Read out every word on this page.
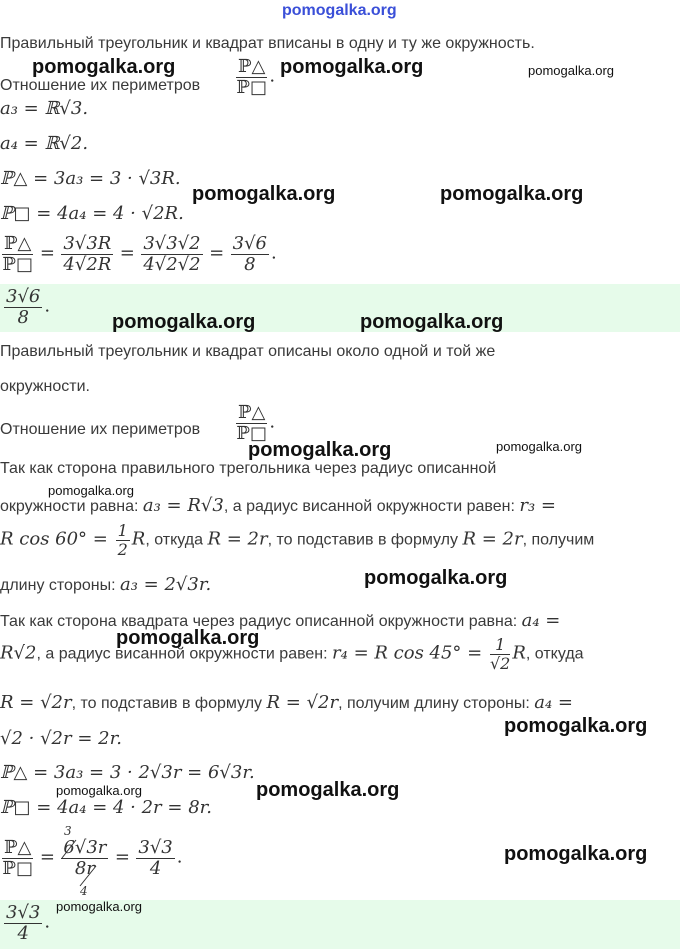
pomogalka.org
Правильный треугольник и квадрат вписаны в одну и ту же окружность.
Отношение их периметров $\frac{\text{ℙ△}}{\text{ℙ□}}$ .
a₃ = ℝ√3.
a₄ = ℝ√2.
ℙ△ = 3a₃ = 3 · √3R.
ℙ□ = 4a₄ = 4 · √2R.
$\frac{\text{ℙ△}}{\text{ℙ□}} = \frac{3√3R}{4√2R} = \frac{3√3√2}{4√2√2} = \frac{3√6}{8}$ .
$\frac{3√6}{8}$ .
Правильный треугольник и квадрат описаны около одной и той же
окружности.
Отношение их периметров $\frac{\text{ℙ△}}{\text{ℙ□}}$ .
Так как сторона правильного трегольника через радиус описанной
окружности равна: a₃ = R√3, а радиус висанной окружности равен: r₃ =
R $\cos 60^\circ = \frac{1}{2} R$, откуда R = 2r, то подставив в формулу R = 2r, получим
длину стороны: a₃ = 2√3r.
Так как сторона квадрата через радиус описанной окружности равна: a₄ =
R√2, а радиус висанной окружности равен: r₄ = R $\cos 45^\circ = \frac{1}{√2} R$, откуда
R = √2r, то подставив в формулу R = √2r, получим длину стороны: a₄ =
√2 · √2r = 2r.
ℙ△ = 3a₃ = 3 · 2√3r = 6√3r.
ℙ□ = 4a₄ = 4 · 2r = 8r.
$\frac{\text{ℙ△}}{\text{ℙ□}} = \frac{6√3r}{8r} = \frac{3√3}{4}$ .
3
4
$\frac{3√3}{4}$ .
pomogalka.org	pomogalka.org	pomogalka.org
pomogalka.org	pomogalka.org
pomogalka.org	pomogalka.org
pomogalka.org	pomogalka.org
pomogalka.org
pomogalka.org
pomogalka.org
pomogalka.org
pomogalka.org
pomogalka.org
pomogalka.org
pomogalka.org
